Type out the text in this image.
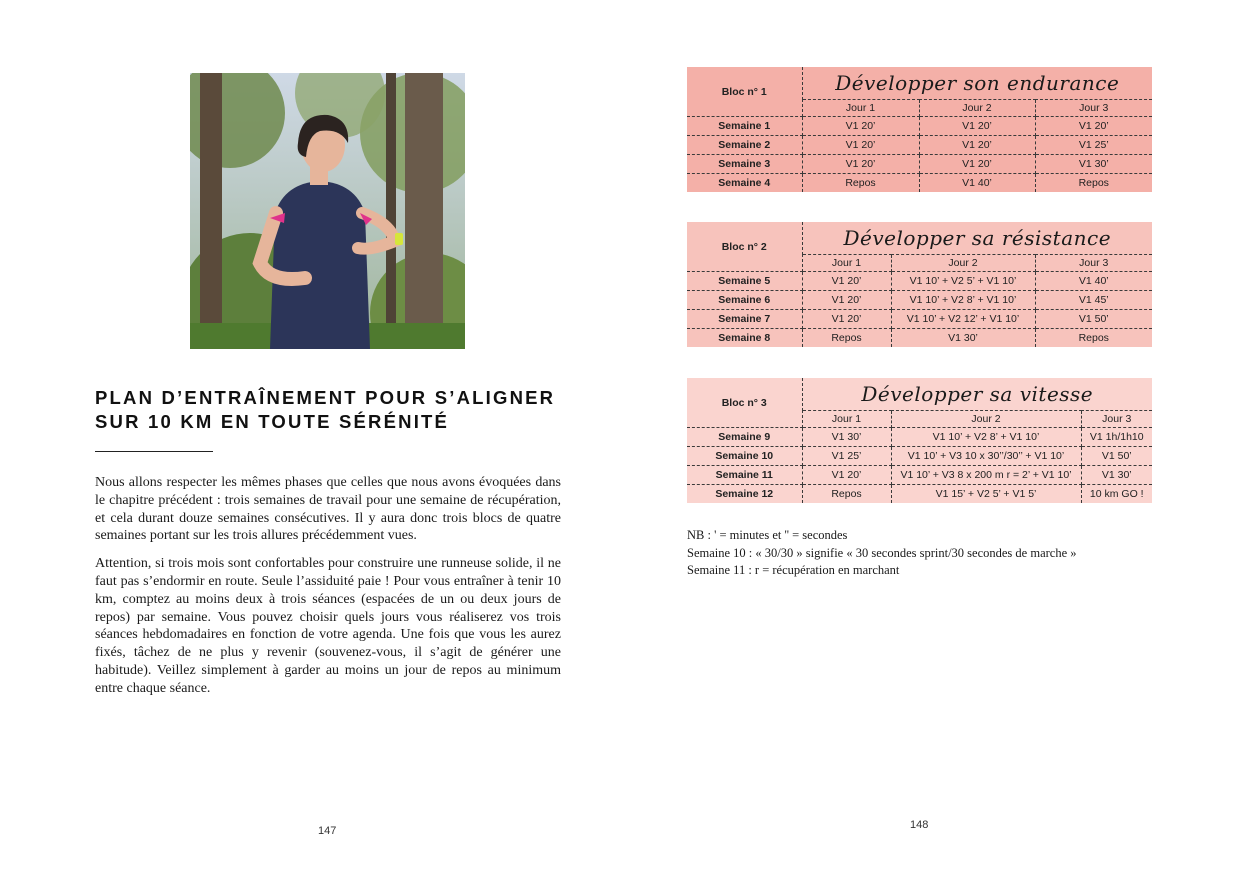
PLAN D’ENTRAÎNEMENT POUR S’ALIGNER
SUR 10 KM EN TOUTE SÉRÉNITÉ

Nous allons respecter les mêmes phases que celles que nous avons évoquées dans le chapitre précédent : trois semaines de travail pour une semaine de récupération, et cela durant douze semaines consécutives. Il y aura donc trois blocs de quatre semaines portant sur les trois allures précédemment vues.

Attention, si trois mois sont confortables pour construire une runneuse solide, il ne faut pas s’endormir en route. Seule l’assiduité paie ! Pour vous entraîner à tenir 10 km, comptez au moins deux à trois séances (espacées de un ou deux jours de repos) par semaine. Vous pouvez choisir quels jours vous réaliserez vos trois séances hebdomadaires en fonction de votre agenda. Une fois que vous les aurez fixés, tâchez de ne plus y revenir (souvenez-vous, il s’agit de générer une habitude). Veillez simplement à garder au moins un jour de repos au minimum entre chaque séance.

147
Bloc n° 1	Développer son endurance		
	Jour 1	Jour 2	Jour 3
Semaine 1	V1 20’	V1 20’	V1 20’
Semaine 2	V1 20’	V1 20’	V1 25’
Semaine 3	V1 20’	V1 20’	V1 30’
Semaine 4	Repos	V1 40’	Repos
Bloc n° 2	Développer sa résistance		
	Jour 1	Jour 2	Jour 3
Semaine 5	V1 20’	V1 10’ + V2 5’ + V1 10’	V1 40’
Semaine 6	V1 20’	V1 10’ + V2 8’ + V1 10’	V1 45’
Semaine 7	V1 20’	V1 10’ + V2 12’ + V1 10’	V1 50’
Semaine 8	Repos	V1 30’	Repos
Bloc n° 3	Développer sa vitesse		
	Jour 1	Jour 2	Jour 3
Semaine 9	V1 30’	V1 10’ + V2 8’ + V1 10’	V1 1h/1h10
Semaine 10	V1 25’	V1 10’ + V3 10 x 30’’/30’’ + V1 10’	V1 50’
Semaine 11	V1 20’	V1 10’ + V3 8 x 200 m r = 2’ + V1 10’	V1 30’
Semaine 12	Repos	V1 15’ + V2 5’ + V1 5’	10 km GO !
NB : ' = minutes et '' = secondes
Semaine 10 : « 30/30 » signifie « 30 secondes sprint/30 secondes de marche »
Semaine 11 : r = récupération en marchant
148
